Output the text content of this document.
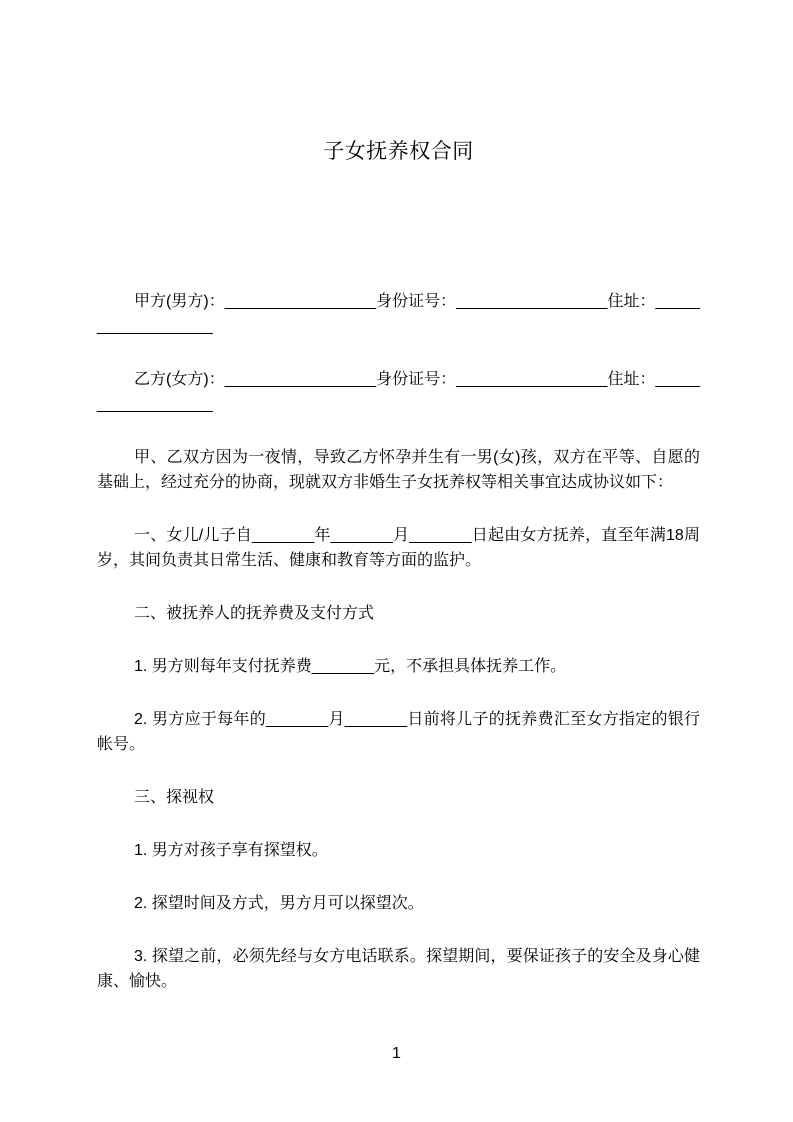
子女抚养权合同

甲方(男方)：_________________身份证号：_________________住址：__________________

乙方(女方)：_________________身份证号：_________________住址：__________________

甲、乙双方因为一夜情，导致乙方怀孕并生有一男(女)孩，双方在平等、自愿的基础上，经过充分的协商，现就双方非婚生子女抚养权等相关事宜达成协议如下：

一、女儿/儿子自_______年_______月_______日起由女方抚养，直至年满18周岁，其间负责其日常生活、健康和教育等方面的监护。

二、被抚养人的抚养费及支付方式

1. 男方则每年支付抚养费_______元，不承担具体抚养工作。

2. 男方应于每年的_______月_______日前将儿子的抚养费汇至女方指定的银行帐号。

三、探视权

1. 男方对孩子享有探望权。

2. 探望时间及方式，男方月可以探望次。

3. 探望之前，必须先经与女方电话联系。探望期间，要保证孩子的安全及身心健康、愉快。

1
